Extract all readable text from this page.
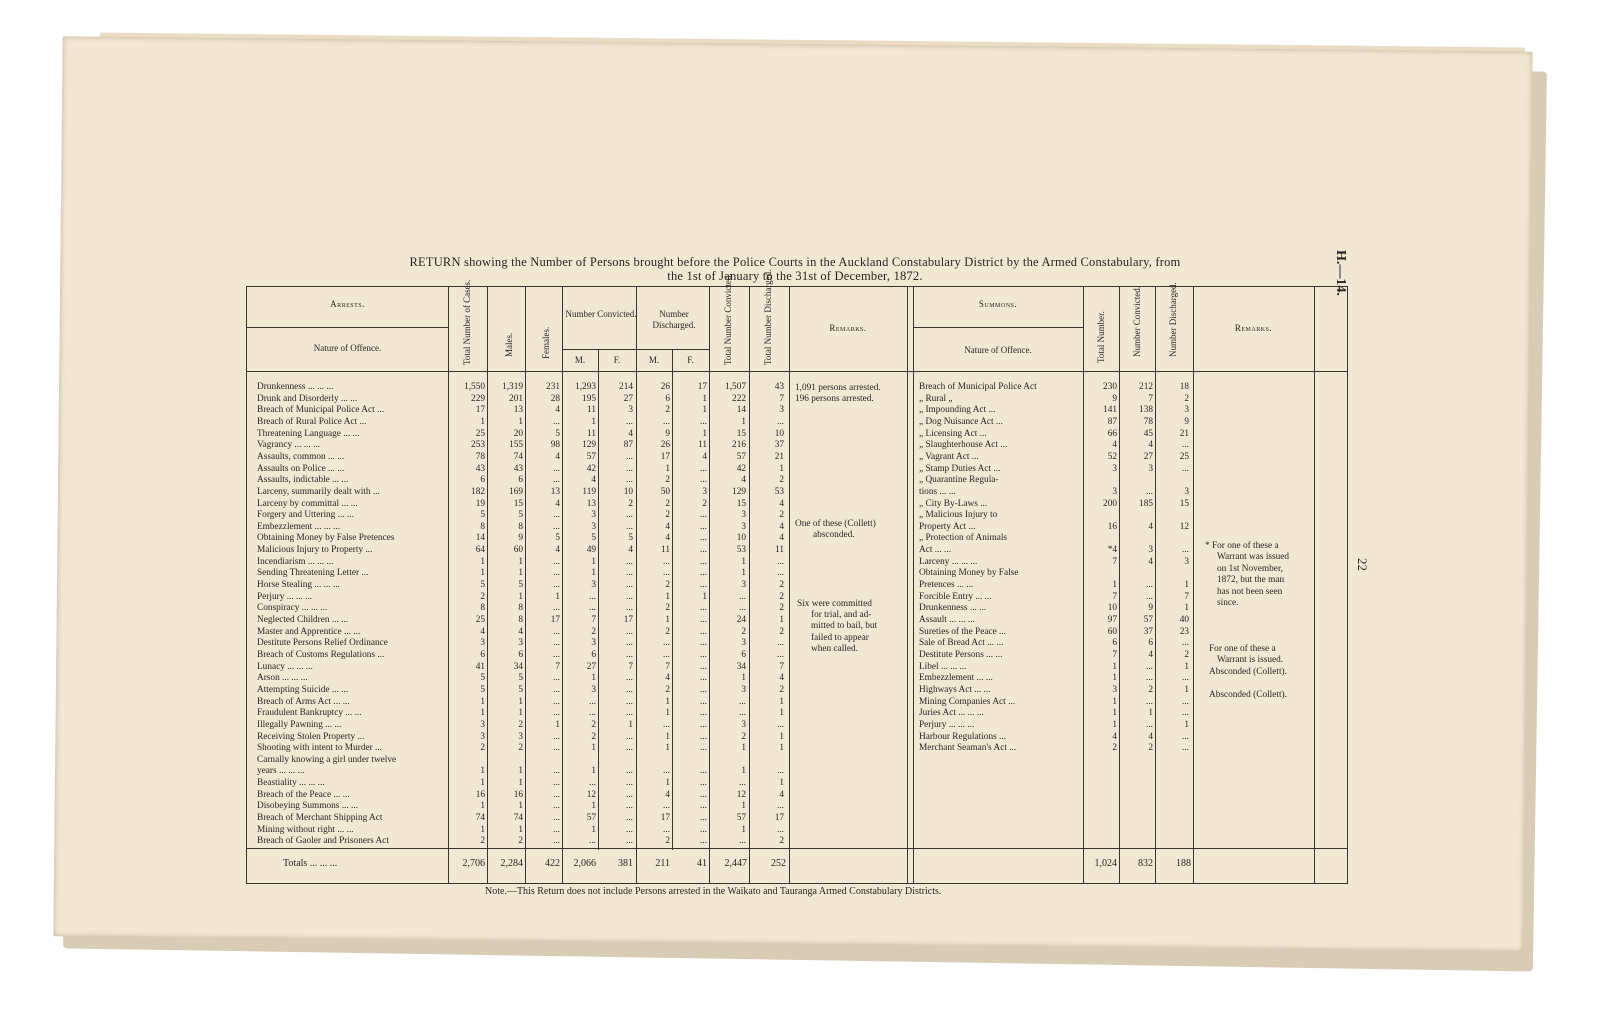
H.—14.
22
RETURN showing the Number of Persons brought before the Police Courts in the Auckland Constabulary District by the Armed Constabulary, from
the 1st of January to the 31st of December, 1872.
Arrests.
Nature of Offence.	Total Number of Cases.	Males.	Females.
Number Convicted.	Number Discharged.
M.	F.	M.	F.	Total Number Convicted.	Total Number Discharged.	Remarks.
Summons.
Nature of Offence.	Total Number.	Number Convicted.	Number Discharged.	Remarks.
Drunkenness ... ... ...	1,550	1,319	231	1,293	214	26	17	1,507	43
Drunk and Disorderly ... ...	229	201	28	195	27	6	1	222	7
Breach of Municipal Police Act ...	17	13	4	11	3	2	1	14	3
Breach of Rural Police Act ...	1	1	...	1	...	...	...	1	...
Threatening Language ... ...	25	20	5	11	4	9	1	15	10
Vagrancy ... ... ...	253	155	98	129	87	26	11	216	37
Assaults, common ... ...	78	74	4	57	...	17	4	57	21
Assaults on Police ... ...	43	43	...	42	...	1	...	42	1
Assaults, indictable ... ...	6	6	...	4	...	2	...	4	2
Larceny, summarily dealt with ...	182	169	13	119	10	50	3	129	53
Larceny by committal ... ...	19	15	4	13	2	2	2	15	4
Forgery and Uttering ... ...	5	5	...	3	...	2	...	3	2
Embezzlement ... ... ...	8	8	...	3	...	4	...	3	4
Obtaining Money by False Pretences	14	9	5	5	5	4	...	10	4
Malicious Injury to Property ...	64	60	4	49	4	11	...	53	11
Incendiarism ... ... ...	1	1	...	1	...	...	...	1	...
Sending Threatening Letter ...	1	1	...	1	...	...	...	1	...
Horse Stealing ... ... ...	5	5	...	3	...	2	...	3	2
Perjury ... ... ...	2	1	1	...	...	1	1	...	2
Conspiracy ... ... ...	8	8	...	...	...	2	...	...	2
Neglected Children ... ...	25	8	17	7	17	1	...	24	1
Master and Apprentice ... ...	4	4	...	2	...	2	...	2	2
Destitute Persons Relief Ordinance	3	3	...	3	...	...	...	3	...
Breach of Customs Regulations ...	6	6	...	6	...	...	...	6	...
Lunacy ... ... ...	41	34	7	27	7	7	...	34	7
Arson ... ... ...	5	5	...	1	...	4	...	1	4
Attempting Suicide ... ...	5	5	...	3	...	2	...	3	2
Breach of Arms Act ... ...	1	1	...	...	...	1	...	...	1
Fraudulent Bankruptcy ... ...	1	1	...	...	...	1	...	...	1
Illegally Pawning ... ...	3	2	1	2	1	...	...	3	...
Receiving Stolen Property ...	3	3	...	2	...	1	...	2	1
Shooting with intent to Murder ...	2	2	...	1	...	1	...	1	1
Carnally knowing a girl under twelve
years ... ... ...	1	1	...	1	...	...	...	1	...
Beastiality ... ... ...	1	1	...	...	...	1	...	...	1
Breach of the Peace ... ...	16	16	...	12	...	4	...	12	4
Disobeying Summons ... ...	1	1	...	1	...	...	...	1	...
Breach of Merchant Shipping Act	74	74	...	57	...	17	...	57	17
Mining without right ... ...	1	1	...	1	...	...	...	1	...
Breach of Gaoler and Prisoners Act	2	2	...	...	...	2	...	...	2
1,091 persons arrested.
196 persons arrested.
One of these (Collett)
absconded.
Six were committed
for trial, and ad-
mitted to bail, but
failed to appear
when called.
Breach of Municipal Police Act	230	212	18
„ Rural „	9	7	2
„ Impounding Act ...	141	138	3
„ Dog Nuisance Act ...	87	78	9
„ Licensing Act ...	66	45	21
„ Slaughterhouse Act ...	4	4	...
„ Vagrant Act ...	52	27	25
„ Stamp Duties Act ...	3	3	...
„ Quarantine Regula-
tions ... ...	3	...	3
„ City By-Laws ...	200	185	15
„ Malicious Injury to
Property Act ...	16	4	12
„ Protection of Animals
Act ... ...	*4	3	...
Larceny ... ... ...	7	4	3
Obtaining Money by False
Pretences ... ...	1	...	1
Forcible Entry ... ...	7	...	7
Drunkenness ... ...	10	9	1
Assault ... ... ...	97	57	40
Sureties of the Peace ...	60	37	23
Sale of Bread Act ... ...	6	6	...
Destitute Persons ... ...	7	4	2
Libel ... ... ...	1	...	1
Embezzlement ... ...	1	...	...
Highways Act ... ...	3	2	1
Mining Companies Act ...	1	...	...
Juries Act ... ... ...	1	1	...
Perjury ... ... ...	1	...	1
Harbour Regulations ...	4	4	...
Merchant Seaman's Act ...	2	2	...
* For one of these a
Warrant was issued
on 1st November,
1872, but the man
has not been seen
since.
For one of these a
Warrant is issued.
Absconded (Collett).
Absconded (Collett).
Totals ... ... ...	2,706	2,284	422	2,066	381	211	41	2,447	252	1,024	832	188
Note.—This Return does not include Persons arrested in the Waikato and Tauranga Armed Constabulary Districts.
